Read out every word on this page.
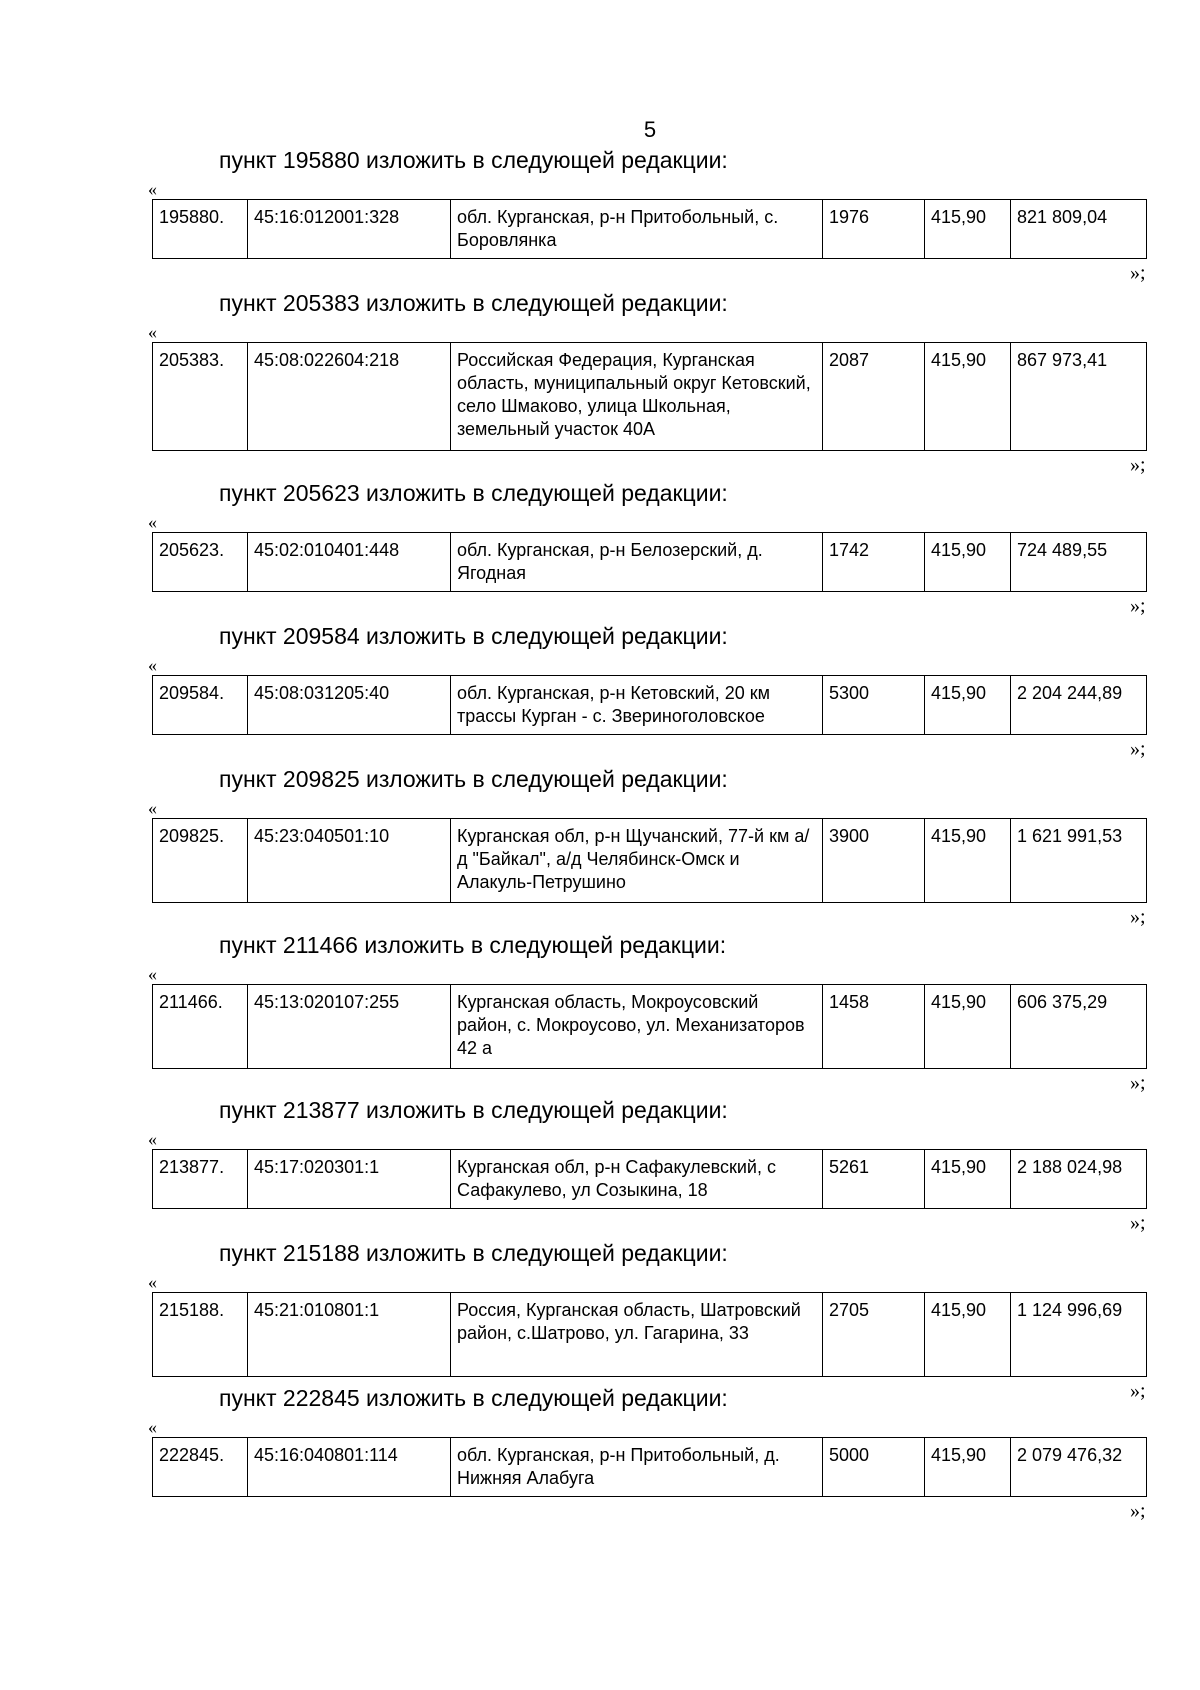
5
пункт 195880 изложить в следующей редакции:
«
195880.	45:16:012001:328	обл. Курганская, р-н Притобольный, с. Боровлянка	1976	415,90	821 809,04
»;
пункт 205383 изложить в следующей редакции:
«
205383.	45:08:022604:218	Российская Федерация, Курганская область, муниципальный округ Кетовский, село Шмаково, улица Школьная, земельный участок 40А	2087	415,90	867 973,41
»;
пункт 205623 изложить в следующей редакции:
«
205623.	45:02:010401:448	обл. Курганская, р-н Белозерский, д. Ягодная	1742	415,90	724 489,55
»;
пункт 209584 изложить в следующей редакции:
«
209584.	45:08:031205:40	обл. Курганская, р-н Кетовский, 20 км трассы Курган - с. Звериноголовское	5300	415,90	2 204 244,89
»;
пункт 209825 изложить в следующей редакции:
«
209825.	45:23:040501:10	Курганская обл, р-н Щучанский, 77-й км а/д "Байкал", а/д Челябинск-Омск и Алакуль-Петрушино	3900	415,90	1 621 991,53
»;
пункт 211466 изложить в следующей редакции:
«
211466.	45:13:020107:255	Курганская область, Мокроусовский район, с. Мокроусово, ул. Механизаторов 42 а	1458	415,90	606 375,29
»;
пункт 213877 изложить в следующей редакции:
«
213877.	45:17:020301:1	Курганская обл, р-н Сафакулевский, с Сафакулево, ул Созыкина, 18	5261	415,90	2 188 024,98
»;
пункт 215188 изложить в следующей редакции:
«
215188.	45:21:010801:1	Россия, Курганская область, Шатровский район, с.Шатрово, ул. Гагарина, 33	2705	415,90	1 124 996,69
»;
пункт 222845 изложить в следующей редакции:
«
222845.	45:16:040801:114	обл. Курганская, р-н Притобольный, д. Нижняя Алабуга	5000	415,90	2 079 476,32
»;
